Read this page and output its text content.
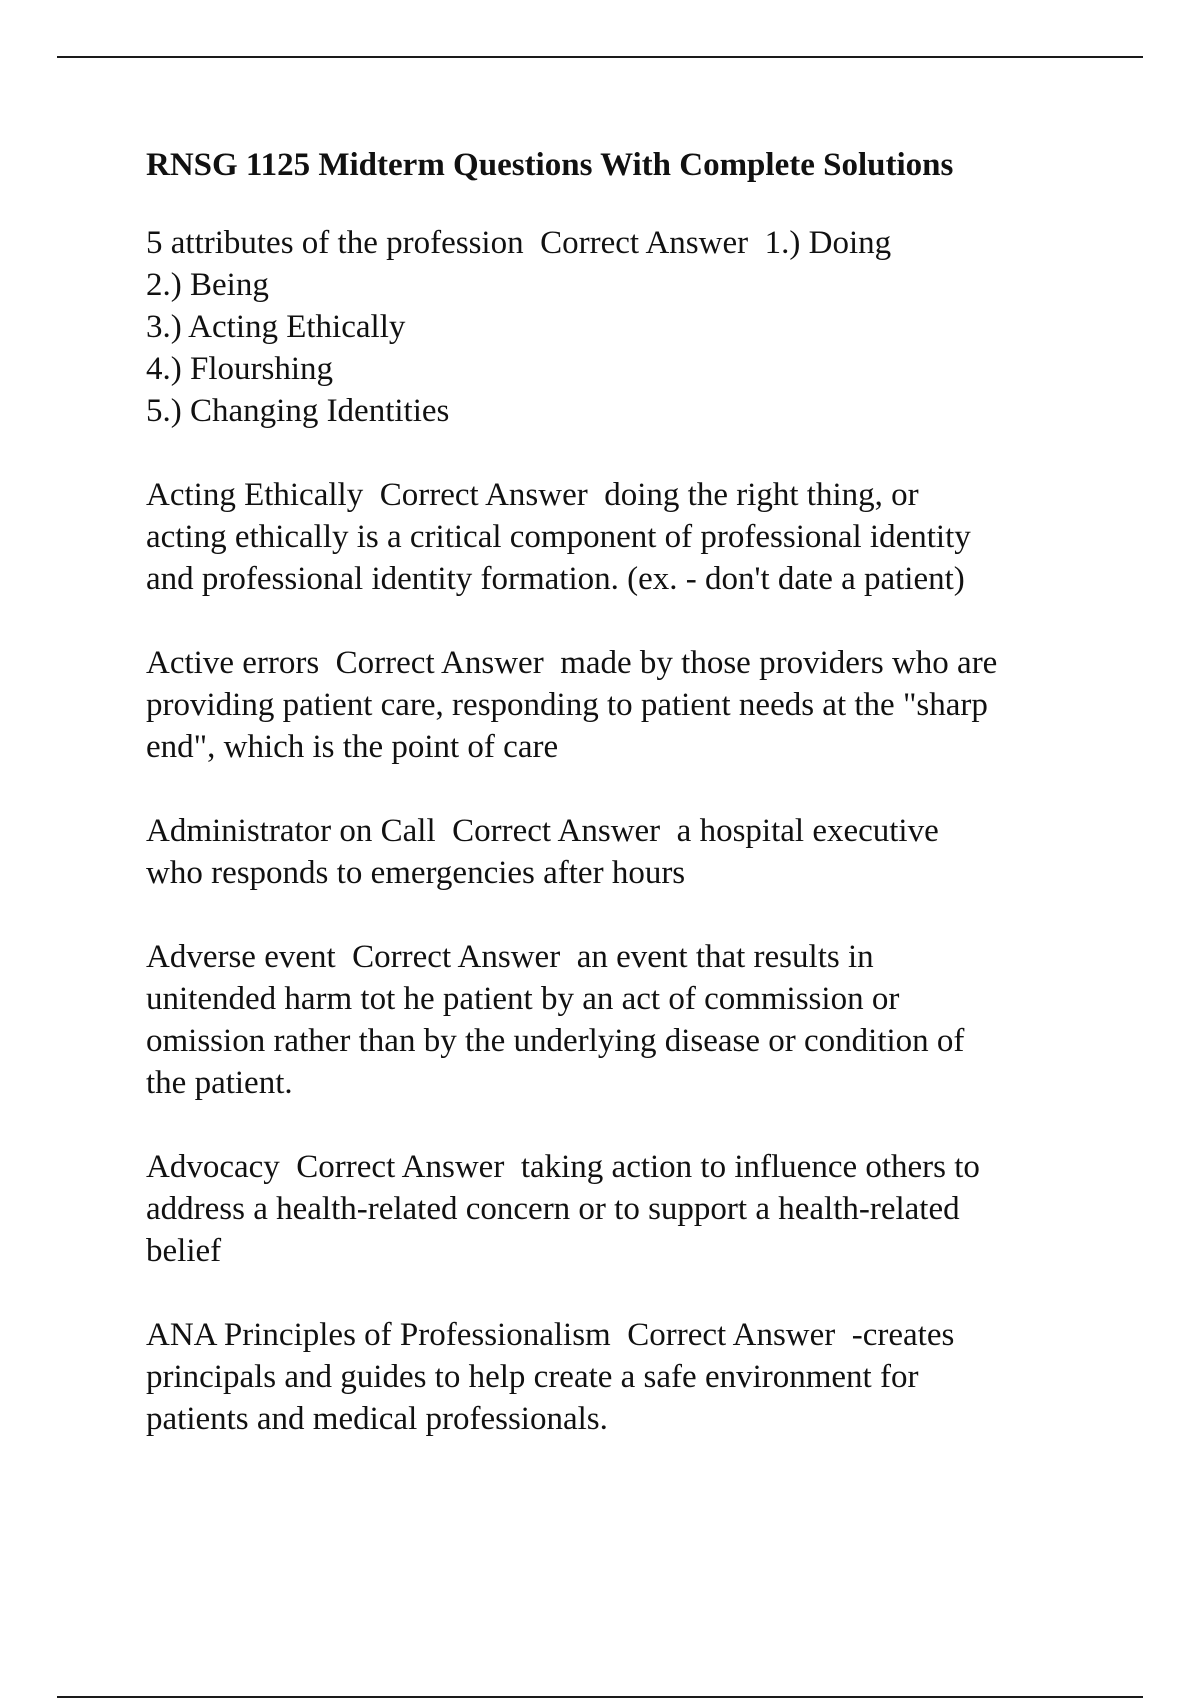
RNSG 1125 Midterm Questions With Complete Solutions
5 attributes of the profession Correct Answer 1.) Doing
2.) Being
3.) Acting Ethically
4.) Flourshing
5.) Changing Identities
Acting Ethically Correct Answer doing the right thing, or
acting ethically is a critical component of professional identity
and professional identity formation. (ex. - don't date a patient)
Active errors Correct Answer made by those providers who are
providing patient care, responding to patient needs at the "sharp
end", which is the point of care
Administrator on Call Correct Answer a hospital executive
who responds to emergencies after hours
Adverse event Correct Answer an event that results in
unitended harm tot he patient by an act of commission or
omission rather than by the underlying disease or condition of
the patient.
Advocacy Correct Answer taking action to influence others to
address a health-related concern or to support a health-related
belief
ANA Principles of Professionalism Correct Answer -creates
principals and guides to help create a safe environment for
patients and medical professionals.
